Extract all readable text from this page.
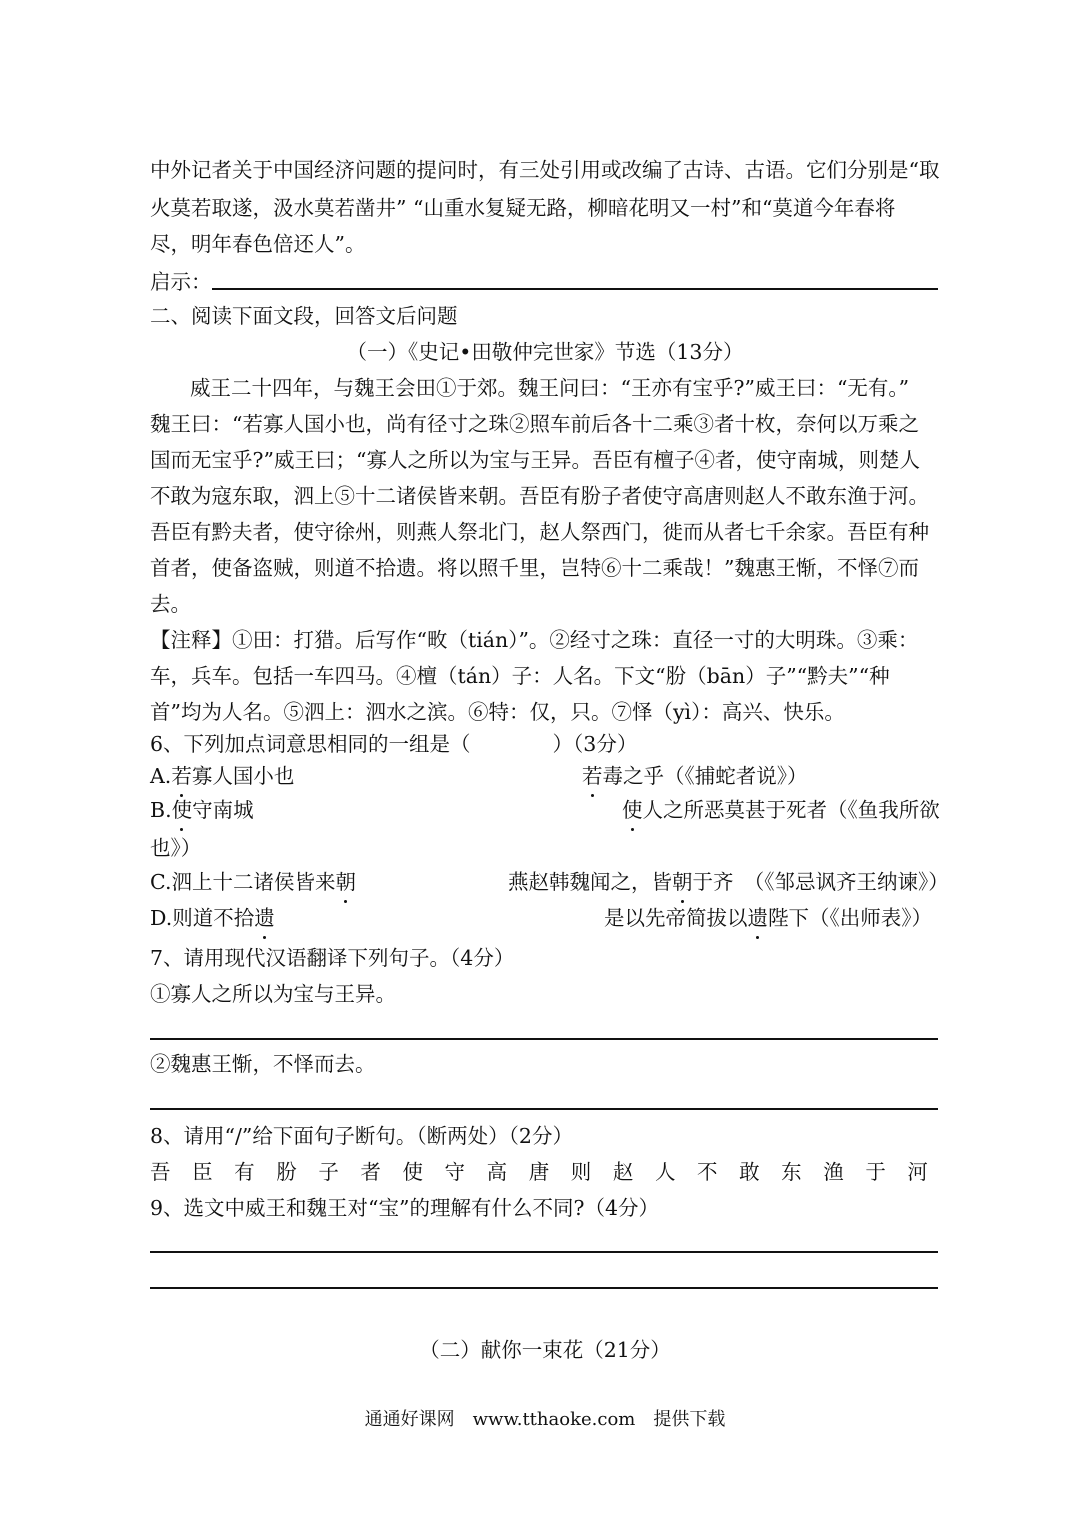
中外记者关于中国经济问题的提问时，有三处引用或改编了古诗、古语。它们分别是“取
火莫若取遂，汲水莫若凿井” “山重水复疑无路，柳暗花明又一村”和“莫道今年春将
尽，明年春色倍还人”。
启示：
二、阅读下面文段，回答文后问题
（一）《史记•田敬仲完世家》节选（13分）
威王二十四年，与魏王会田①于郊。魏王问曰：“王亦有宝乎?”威王曰：“无有。”
魏王曰：“若寡人国小也，尚有径寸之珠②照车前后各十二乘③者十枚，奈何以万乘之
国而无宝乎?”威王曰；“寡人之所以为宝与王异。吾臣有檀子④者，使守南城，则楚人
不敢为寇东取，泗上⑤十二诸侯皆来朝。吾臣有肦子者使守高唐则赵人不敢东渔于河。
吾臣有黔夫者，使守徐州，则燕人祭北门，赵人祭西门，徙而从者七千余家。吾臣有种
首者，使备盗贼，则道不拾遗。将以照千里，岂特⑥十二乘哉！”魏惠王惭，不怿⑦而
去。
【注释】①田：打猎。后写作“畋（tián）”。②经寸之珠：直径一寸的大明珠。③乘：
车，兵车。包括一车四马。④檀（tán）子：人名。下文“肦（bān）子”“黔夫”“种
首”均为人名。⑤泗上：泗水之滨。⑥特：仅，只。⑦怿（yì）：高兴、快乐。
6、下列加点词意思相同的一组是（　　　　）（3分）
A.若寡人国小也	若毒之乎（《捕蛇者说》）
B.使守南城	使人之所恶莫甚于死者（《鱼我所欲
也》）
C.泗上十二诸侯皆来朝	燕赵韩魏闻之，皆朝于齐　（《邹忌讽齐王纳谏》）
D.则道不拾遗	是以先帝简拔以遗陛下（《出师表》）
7、请用现代汉语翻译下列句子。（4分）
①寡人之所以为宝与王异。
②魏惠王惭，不怿而去。
8、请用“/”给下面句子断句。（断两处）（2分）
吾 臣 有 肦 子 者 使 守 高 唐 则 赵 人 不 敢 东 渔 于 河
9、选文中威王和魏王对“宝”的理解有什么不同?（4分）
（二）献你一束花（21分）
通通好课网　www.tthaoke.com　提供下载
